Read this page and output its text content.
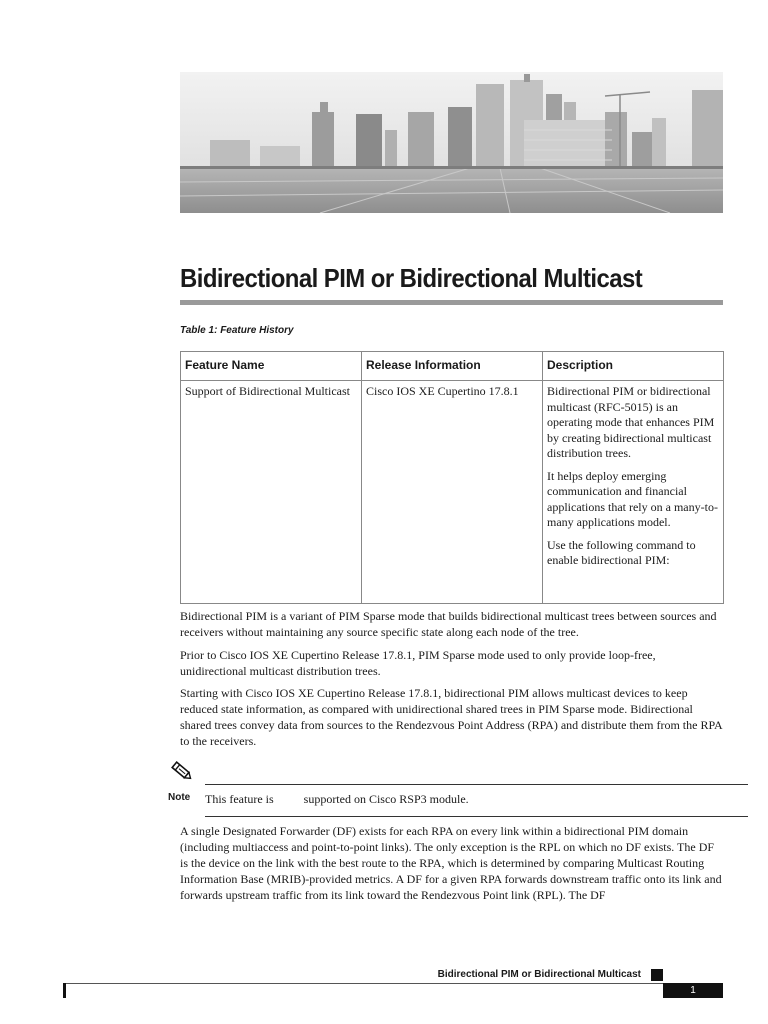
Bidirectional PIM or Bidirectional Multicast
Table 1: Feature History
Feature Name	Release Information	Description
Support of Bidirectional Multicast	Cisco IOS XE Cupertino 17.8.1	Bidirectional PIM or bidirectional multicast (RFC-5015) is an operating mode that enhances PIM by creating bidirectional multicast distribution trees.

It helps deploy emerging communication and financial applications that rely on a many-to-many applications model.

Use the following command to enable bidirectional PIM:

Bidirectional PIM is a variant of PIM Sparse mode that builds bidirectional multicast trees between sources and receivers without maintaining any source specific state along each node of the tree.

Prior to Cisco IOS XE Cupertino Release 17.8.1, PIM Sparse mode used to only provide loop-free, unidirectional multicast distribution trees.

Starting with Cisco IOS XE Cupertino Release 17.8.1, bidirectional PIM allows multicast devices to keep reduced state information, as compared with unidirectional shared trees in PIM Sparse mode. Bidirectional shared trees convey data from sources to the Rendezvous Point Address (RPA) and distribute them from the RPA to the receivers.

Note This feature is          supported on Cisco RSP3 module.

A single Designated Forwarder (DF) exists for each RPA on every link within a bidirectional PIM domain (including multiaccess and point-to-point links). The only exception is the RPL on which no DF exists. The DF is the device on the link with the best route to the RPA, which is determined by comparing Multicast Routing Information Base (MRIB)-provided metrics. A DF for a given RPA forwards downstream traffic onto its link and forwards upstream traffic from its link toward the Rendezvous Point link (RPL). The DF

Bidirectional PIM or Bidirectional Multicast
1
